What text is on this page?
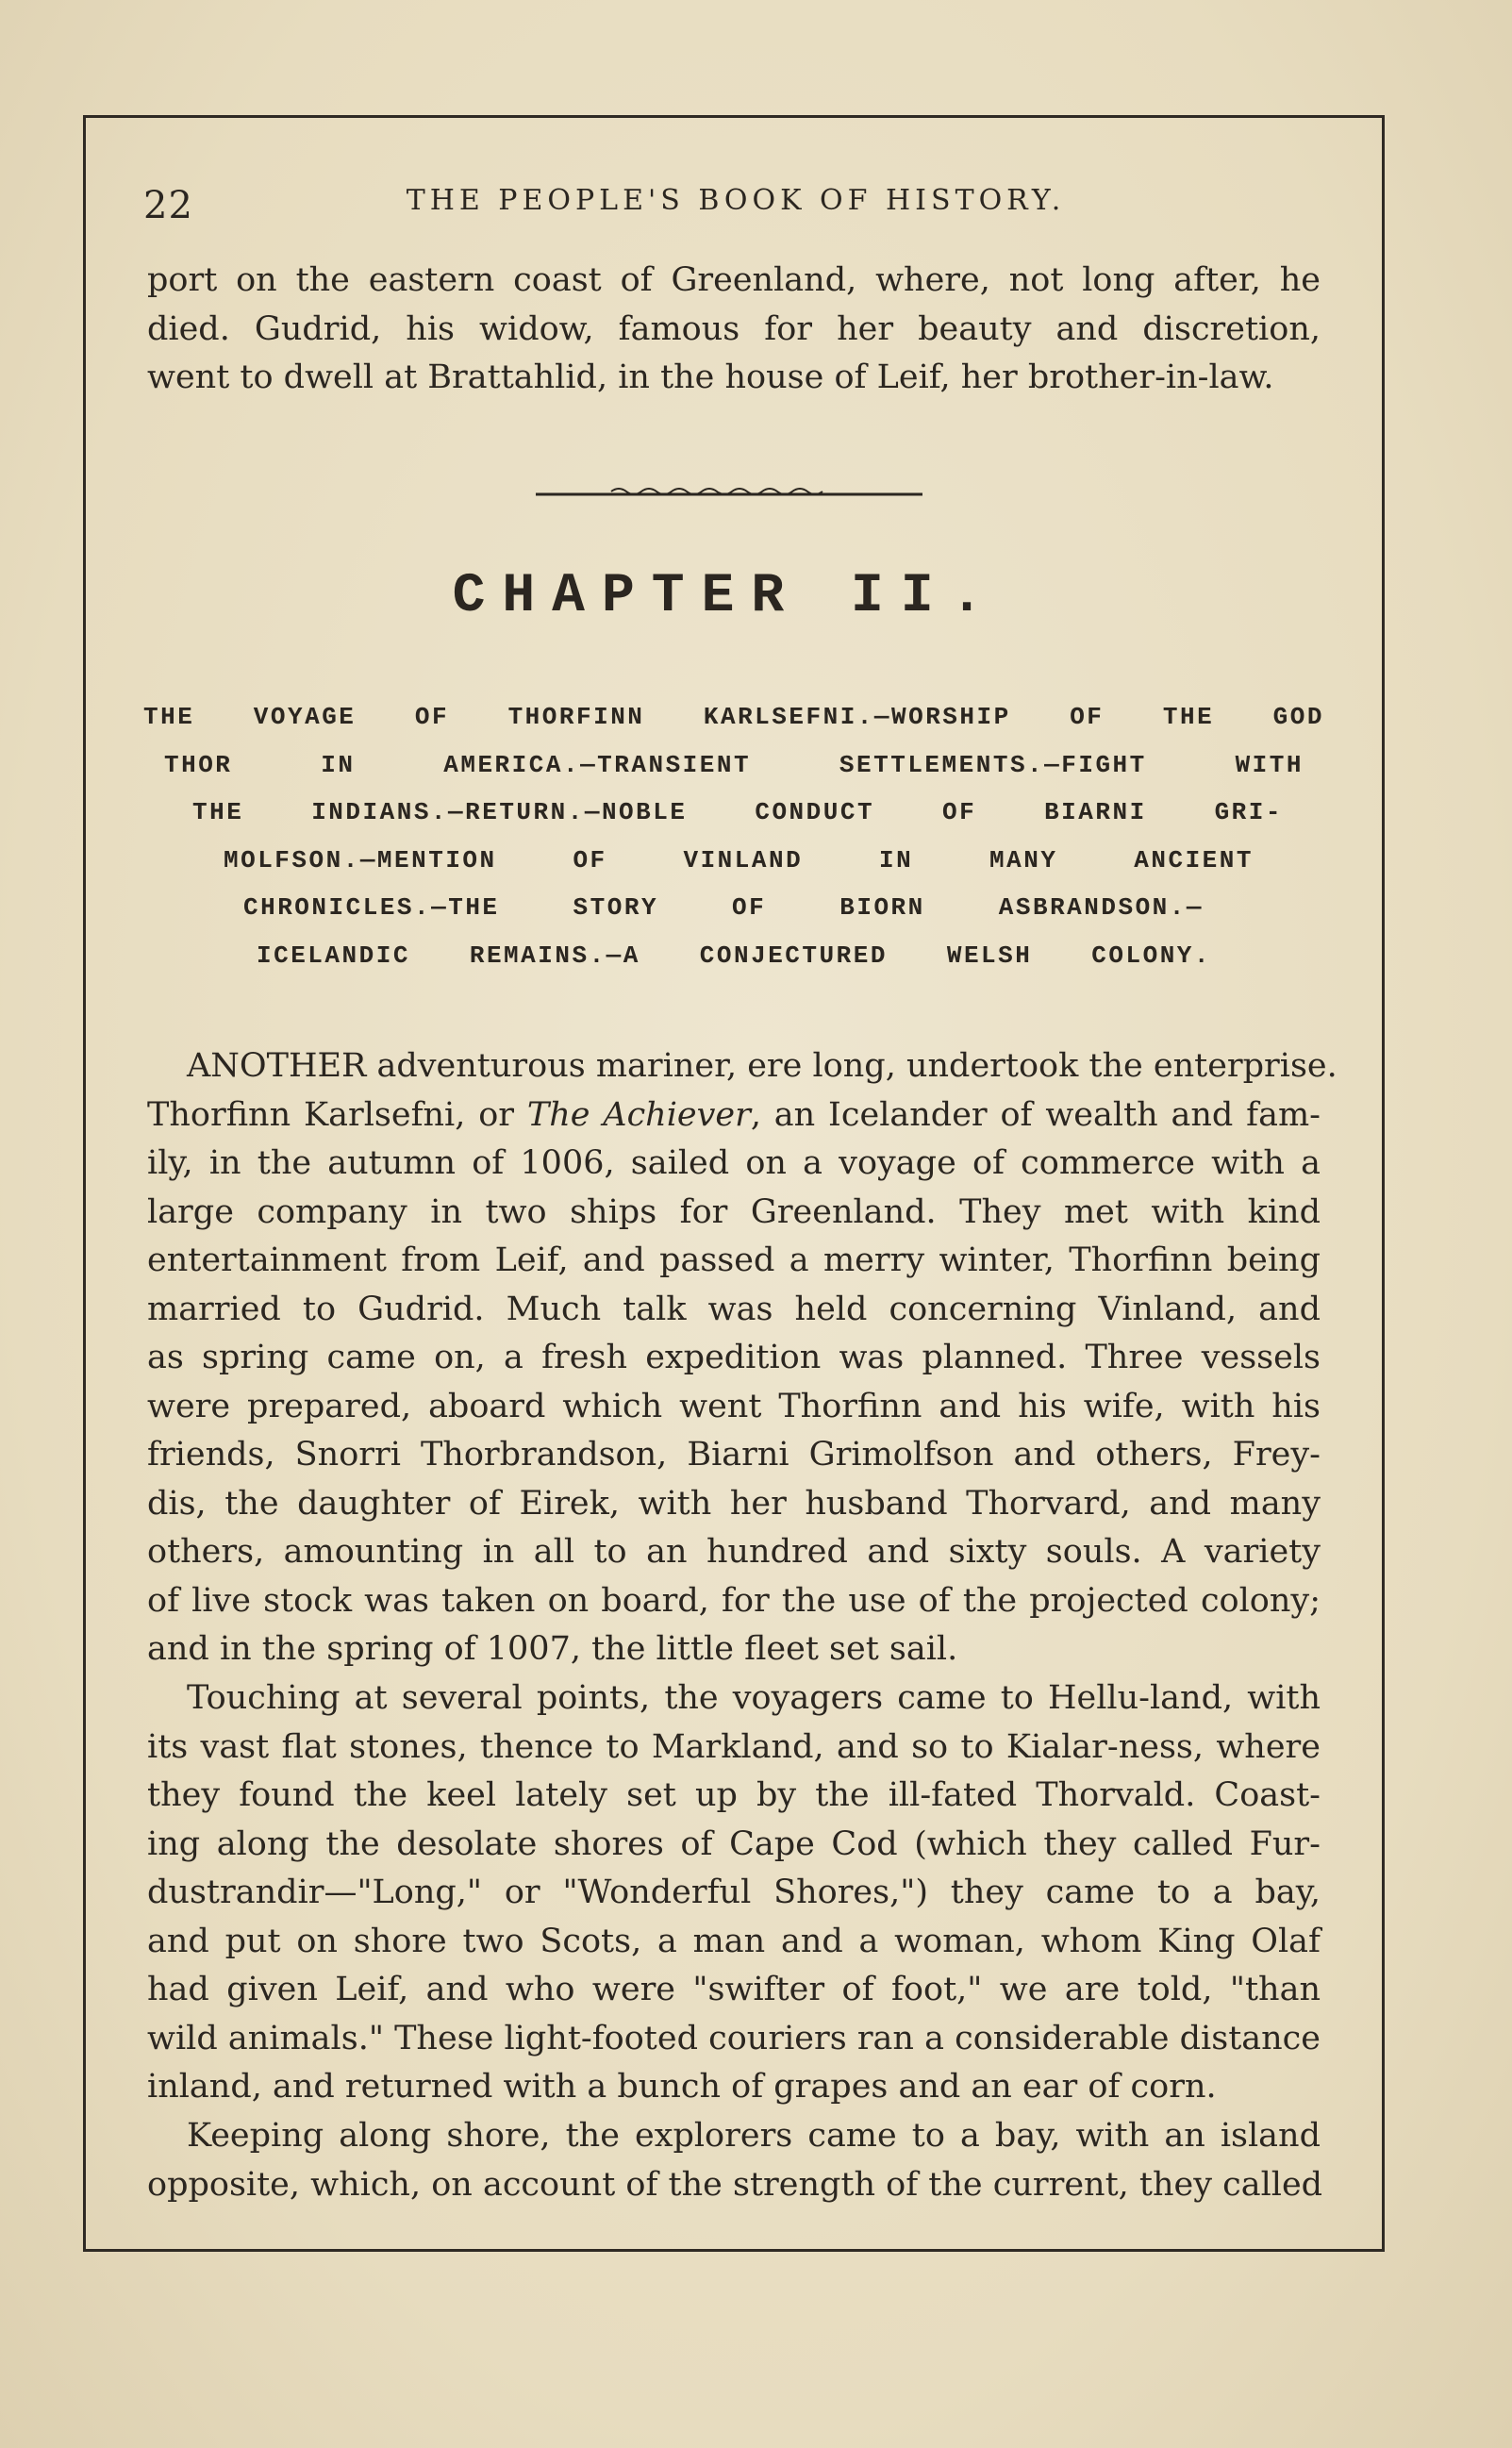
22	THE PEOPLE'S BOOK OF HISTORY.
port on the eastern coast of Greenland, where, not long after, he
died. Gudrid, his widow, famous for her beauty and discretion,
went to dwell at Brattahlid, in the house of Leif, her brother-in-law.
CHAPTER II.
THE VOYAGE OF THORFINN KARLSEFNI.—WORSHIP OF THE GOD
THOR IN AMERICA.—TRANSIENT SETTLEMENTS.—FIGHT WITH
THE INDIANS.—RETURN.—NOBLE CONDUCT OF BIARNI GRI-
MOLFSON.—MENTION OF VINLAND IN MANY ANCIENT
CHRONICLES.—THE STORY OF BIORN ASBRANDSON.—
ICELANDIC REMAINS.—A CONJECTURED WELSH COLONY.
ANOTHER adventurous mariner, ere long, undertook the enterprise.
Thorfinn Karlsefni, or The Achiever, an Icelander of wealth and fam-
ily, in the autumn of 1006, sailed on a voyage of commerce with a
large company in two ships for Greenland. They met with kind
entertainment from Leif, and passed a merry winter, Thorfinn being
married to Gudrid. Much talk was held concerning Vinland, and
as spring came on, a fresh expedition was planned. Three vessels
were prepared, aboard which went Thorfinn and his wife, with his
friends, Snorri Thorbrandson, Biarni Grimolfson and others, Frey-
dis, the daughter of Eirek, with her husband Thorvard, and many
others, amounting in all to an hundred and sixty souls. A variety
of live stock was taken on board, for the use of the projected colony;
and in the spring of 1007, the little fleet set sail.
Touching at several points, the voyagers came to Hellu-land, with
its vast flat stones, thence to Markland, and so to Kialar-ness, where
they found the keel lately set up by the ill-fated Thorvald. Coast-
ing along the desolate shores of Cape Cod (which they called Fur-
dustrandir—"Long," or "Wonderful Shores,") they came to a bay,
and put on shore two Scots, a man and a woman, whom King Olaf
had given Leif, and who were "swifter of foot," we are told, "than
wild animals." These light-footed couriers ran a considerable distance
inland, and returned with a bunch of grapes and an ear of corn.
Keeping along shore, the explorers came to a bay, with an island
opposite, which, on account of the strength of the current, they called
